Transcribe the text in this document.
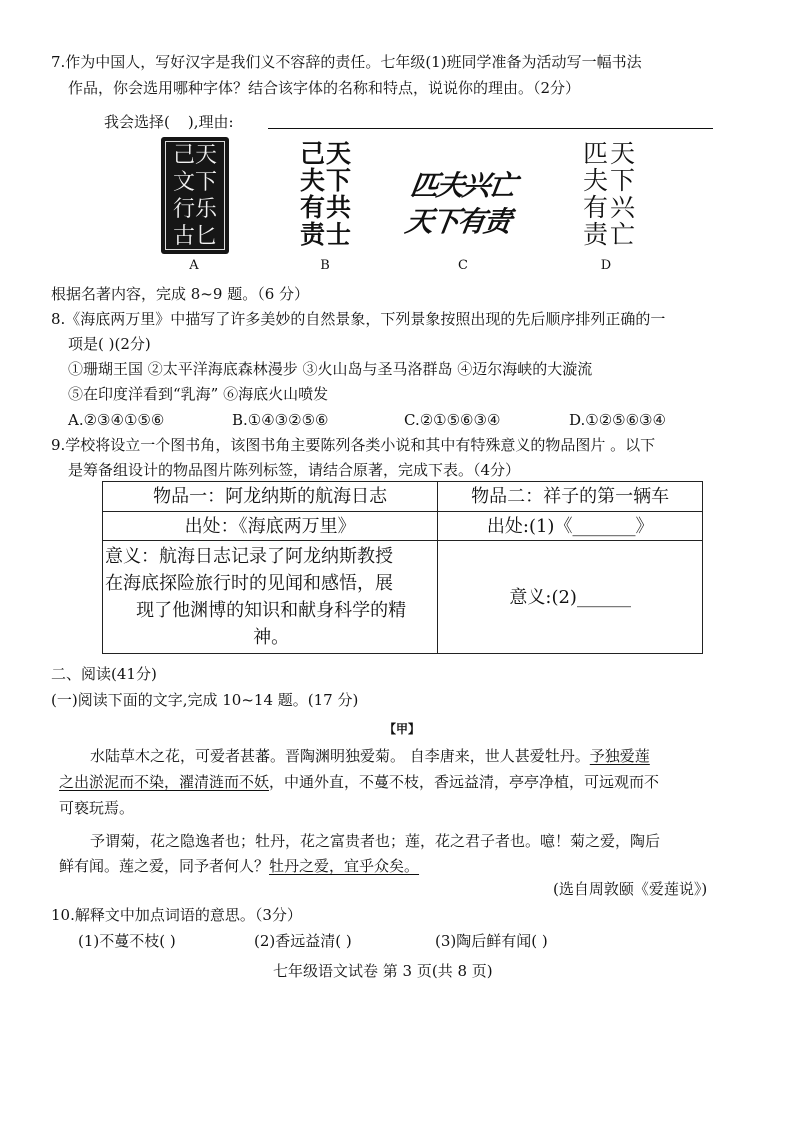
7.作为中国人，写好汉字是我们义不容辞的责任。七年级(1)班同学准备为活动写一幅书法
作品，你会选用哪种字体？结合该字体的名称和特点，说说你的理由。（2分）
我会选择( ),理由:
己天
文下
行乐
古匕
A
己天
夫下
有共
责士
B
匹夫兴亡
天下有责
C
匹天
夫下
有兴
责亡
D
根据名著内容，完成 8~9 题。（6 分）
8.《海底两万里》中描写了许多美妙的自然景象，下列景象按照出现的先后顺序排列正确的一
项是( )(2分)
①珊瑚王国 ②太平洋海底森林漫步 ③火山岛与圣马洛群岛 ④迈尔海峡的大漩流
⑤在印度洋看到“乳海” ⑥海底火山喷发
A.②③④①⑤⑥	B.①④③②⑤⑥	C.②①⑤⑥③④	D.①②⑤⑥③④
9.学校将设立一个图书角，该图书角主要陈列各类小说和其中有特殊意义的物品图片 。以下
是筹备组设计的物品图片陈列标签，请结合原著，完成下表。（4分）
物品一：阿龙纳斯的航海日志	物品二：祥子的第一辆车
出处：《海底两万里》	出处:(1)《_______》

意义：航海日志记录了阿龙纳斯教授
在海底探险旅行时的见闻和感悟，展
现了他渊博的知识和献身科学的精
神。	意义:(2)______
二、阅读(41分)
(一)阅读下面的文字,完成 10~14 题。(17 分)
【甲】
水陆草木之花，可爱者甚蕃。晋陶渊明独爱菊。 自李唐来，世人甚爱牡丹。予独爱莲
之出淤泥而不染，濯清涟而不妖，中通外直，不蔓不枝，香远益清，亭亭净植，可远观而不
可亵玩焉。
予谓菊，花之隐逸者也；牡丹，花之富贵者也；莲，花之君子者也。噫！菊之爱，陶后
鲜有闻。莲之爱，同予者何人？牡丹之爱，宜乎众矣。
(选自周敦颐《爱莲说》)
10.解释文中加点词语的意思。（3分）
(1)不蔓不枝( )	(2)香远益清( )	(3)陶后鲜有闻( )
七年级语文试卷 第 3 页(共 8 页)
